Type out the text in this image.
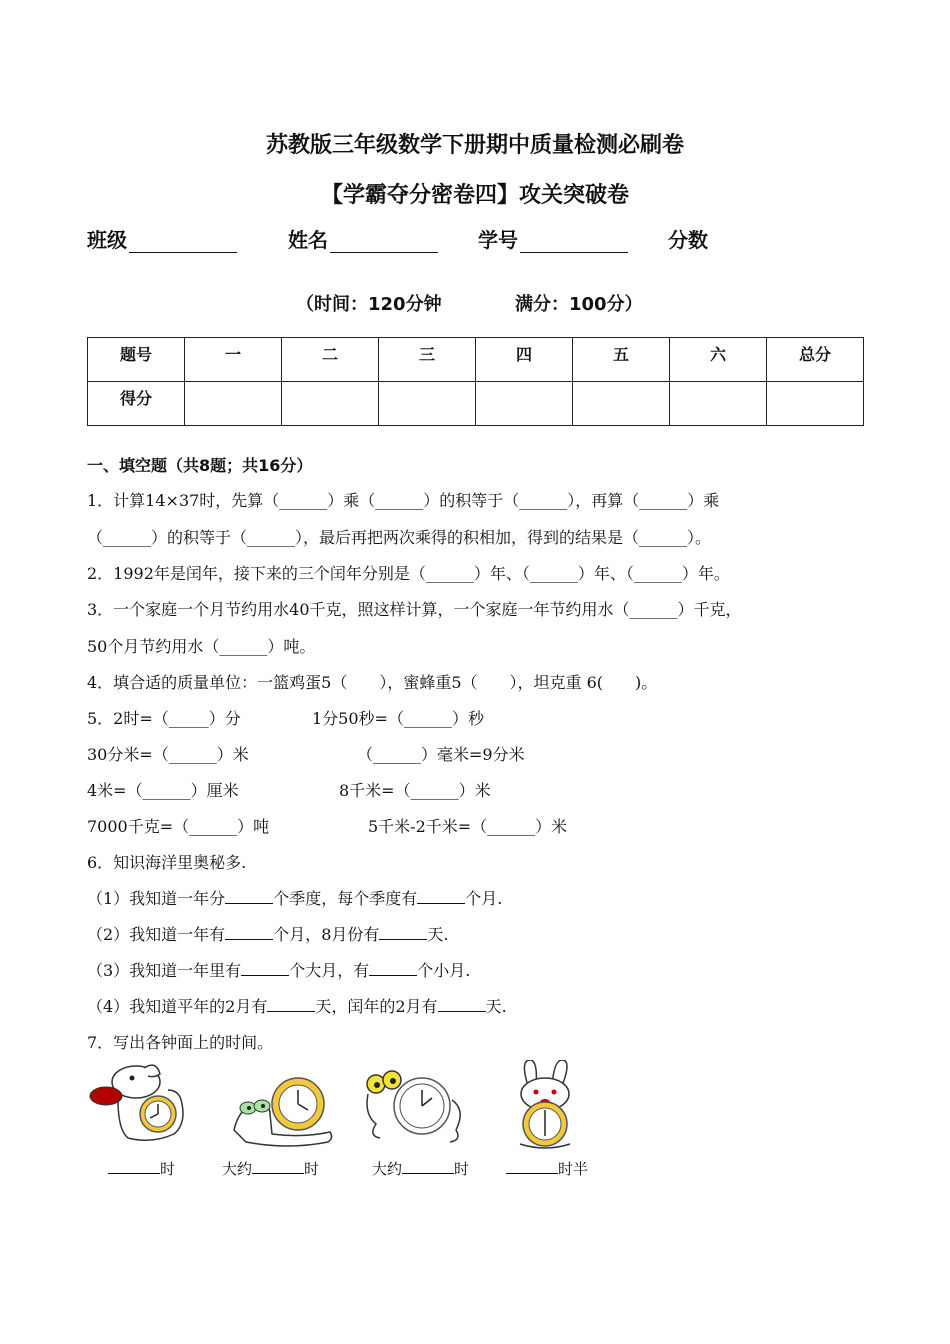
苏教版三年级数学下册期中质量检测必刷卷
【学霸夺分密卷四】攻关突破卷
班级	姓名	学号	分数
（时间：120分钟	满分：100分）
题号	一	二	三	四	五	六	总分
得分							
一、填空题（共8题；共16分）
1．计算14×37时，先算（______）乘（______）的积等于（______），再算（______）乘
（______）的积等于（______），最后再把两次乘得的积相加，得到的结果是（______）。
2．1992年是闰年，接下来的三个闰年分别是（______）年、（______）年、（______）年。
3．一个家庭一个月节约用水40千克，照这样计算，一个家庭一年节约用水（______）千克，
50个月节约用水（______）吨。
4．填合适的质量单位：一篮鸡蛋5（　　），蜜蜂重5（　　），坦克重 6(　　)。
5．2时=（_____）分	1分50秒=（______）秒
30分米=（______）米	（______）毫米=9分米
4米=（______）厘米	8千米=（______）米
7000千克=（______）吨	5千米-2千米=（______）米
6．知识海洋里奥秘多.
（1）我知道一年分	个季度，每个季度有	个月.
（2）我知道一年有	个月，8月份有	天.
（3）我知道一年里有	个大月，有	个小月.
（4）我知道平年的2月有	天，闰年的2月有	天.
7．写出各钟面上的时间。
时	大约	时	大约	时	时半
